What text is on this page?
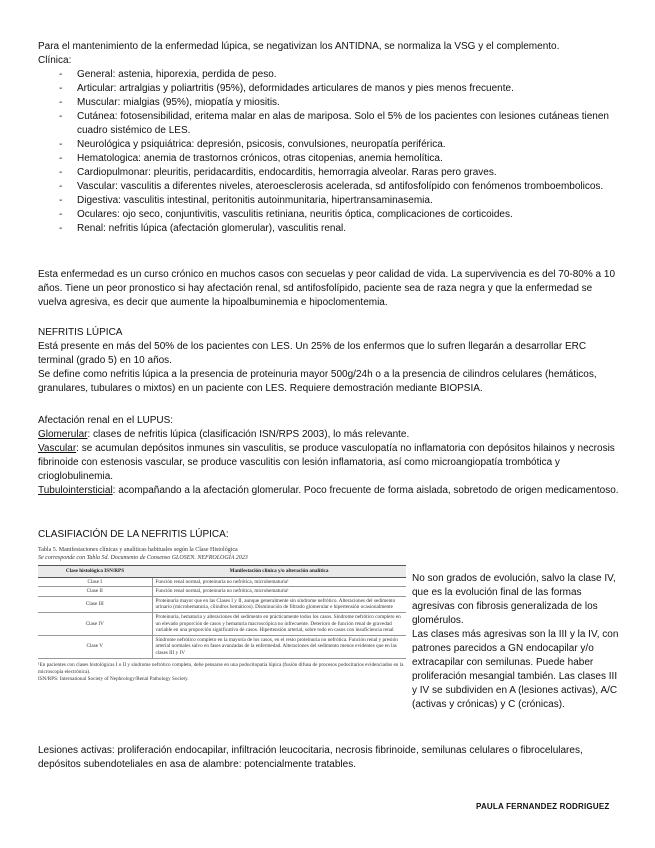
Para el mantenimiento de la enfermedad lúpica, se negativizan los ANTIDNA, se normaliza la VSG y el complemento.

Clínica:

- General: astenia, hiporexia, perdida de peso.
- Articular: artralgias y poliartritis (95%), deformidades articulares de manos y pies menos frecuente.
- Muscular: mialgias (95%), miopatía y miositis.
- Cutánea: fotosensibilidad, eritema malar en alas de mariposa. Solo el 5% de los pacientes con lesiones cutáneas tienen cuadro sistémico de LES.
- Neurológica y psiquiátrica: depresión, psicosis, convulsiones, neuropatía periférica.
- Hematologica: anemia de trastornos crónicos, otras citopenias, anemia hemolítica.
- Cardiopulmonar: pleuritis, peridacarditis, endocarditis, hemorragia alveolar. Raras pero graves.
- Vascular: vasculitis a diferentes niveles, ateroesclerosis acelerada, sd antifosfolípido con fenómenos tromboembolicos.
- Digestiva: vasculitis intestinal, peritonitis autoinmunitaria, hipertransaminasemia.
- Oculares: ojo seco, conjuntivitis, vasculitis retiniana, neuritis óptica, complicaciones de corticoides.
- Renal: nefritis lúpica (afectación glomerular), vasculitis renal.

Esta enfermedad es un curso crónico en muchos casos con secuelas y peor calidad de vida. La supervivencia es del 70-80% a 10 años. Tiene un peor pronostico si hay afectación renal, sd antifosfolípido, paciente sea de raza negra y que la enfermedad se vuelva agresiva, es decir que aumente la hipoalbuminemia e hipoclomentemia.

NEFRITIS LÚPICA

Está presente en más del 50% de los pacientes con LES. Un 25% de los enfermos que lo sufren llegarán a desarrollar ERC terminal (grado 5) en 10 años.

Se define como nefritis lúpica a la presencia de proteinuria mayor 500g/24h o a la presencia de cilindros celulares (hemáticos, granulares, tubulares o mixtos) en un paciente con LES. Requiere demostración mediante BIOPSIA.

Afectación renal en el LUPUS:

Glomerular: clases de nefritis lúpica (clasificación ISN/RPS 2003), lo más relevante.

Vascular: se acumulan depósitos inmunes sin vasculitis, se produce vasculopatía no inflamatoria con depósitos hilainos y necrosis fibrinoide con estenosis vascular, se produce vasculitis con lesión inflamatoria, así como microangiopatía trombótica y crioglobulinemia.

Tubulointersticial: acompañando a la afectación glomerular. Poco frecuente de forma aislada, sobretodo de origen medicamentoso.

CLASIFIACIÓN DE LA NEFRITIS LÚPICA:

Tabla 5. Manifestaciones clínicas y analíticas habituales según la Clase Histológica
Se corresponde con Tabla 5d. Documento de Consenso GLOSEN. NEFROLOGÍA 2023
Clase histológica ISN/RPS	Manifestación clínica y/o alteración analítica
Clase I	Función renal normal, proteinuria no nefrótica, microhematuria¹
Clase II	Función renal normal, proteinuria no nefrótica, microhematuria¹
Clase III	Proteinuria mayor que en las Clases I y II, aunque generalmente sin síndrome nefrótico. Alteraciones del sedimento urinario (microhematuria, cilindros hemáticos). Disminución de filtrado glomerular e hipertensión ocasionalmente
Clase IV	Proteinuria, hematuria y alteraciones del sedimento en prácticamente todos los casos. Síndrome nefrótico completo en un elevado proporción de casos y hematuria macroscópica no infrecuente. Deterioro de función renal de gravedad variable en una proporción significativa de casos. Hipertensión arterial, sobre todo en casos con insuficiencia renal
Clase V	Síndrome nefrótico completo en la mayoría de los casos, en el resto proteinuria no nefrótica. Función renal y presión arterial normales salvo en fases avanzadas de la enfermedad. Alteraciones del sedimento menos evidentes que en las clases III y IV
¹En pacientes con clases histológicas I o II y síndrome nefrótico completo, debe pensarse en una podocitopatía lúpica (fusión difusa de procesos podocitarios evidenciados en la microscopía electrónica).
ISN/RPS: International Society of Nephrology/Renal Pathology Society.

No son grados de evolución, salvo la clase IV, que es la evolución final de las formas agresivas con fibrosis generalizada de los glomérulos.

Las clases más agresivas son la III y la IV, con patrones parecidos a GN endocapilar y/o extracapilar con semilunas. Puede haber proliferación mesangial también. Las clases III y IV se subdividen en A (lesiones activas), A/C (activas y crónicas) y C (crónicas).

Lesiones activas: proliferación endocapilar, infiltración leucocitaria, necrosis fibrinoide, semilunas celulares o fibrocelulares, depósitos subendoteliales en asa de alambre: potencialmente tratables.

PAULA FERNANDEZ RODRIGUEZ
